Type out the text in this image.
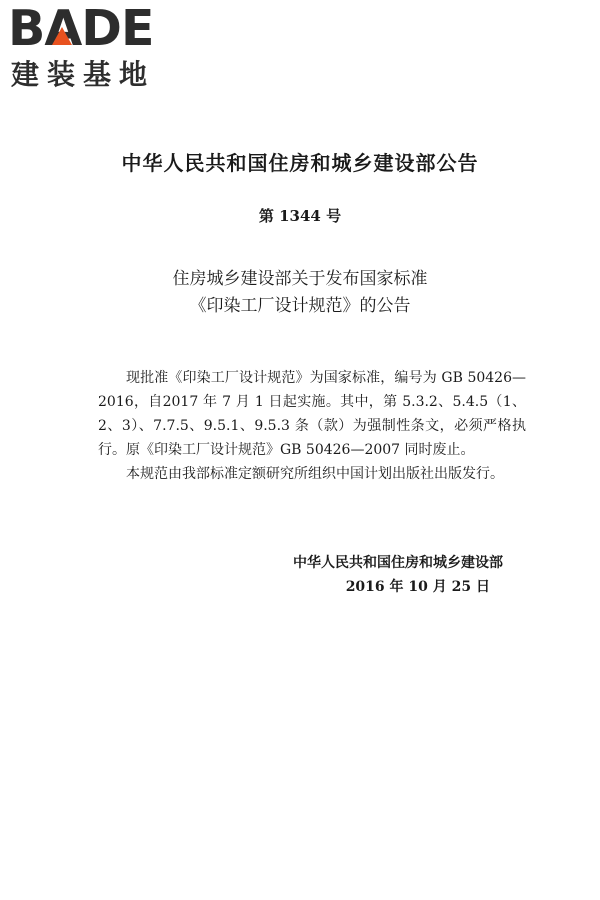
BA
DE
建装基地
中华人民共和国住房和城乡建设部公告
第 1344 号
住房城乡建设部关于发布国家标准
《印染工厂设计规范》的公告

现批准《印染工厂设计规范》为国家标准，编号为 GB 50426—2016，自2017 年 7 月 1 日起实施。其中，第 5.3.2、5.4.5（1、2、3）、7.7.5、9.5.1、9.5.3 条（款）为强制性条文，必须严格执行。原《印染工厂设计规范》GB 50426—2007 同时废止。

本规范由我部标准定额研究所组织中国计划出版社出版发行。

中华人民共和国住房和城乡建设部
2016 年 10 月 25 日
